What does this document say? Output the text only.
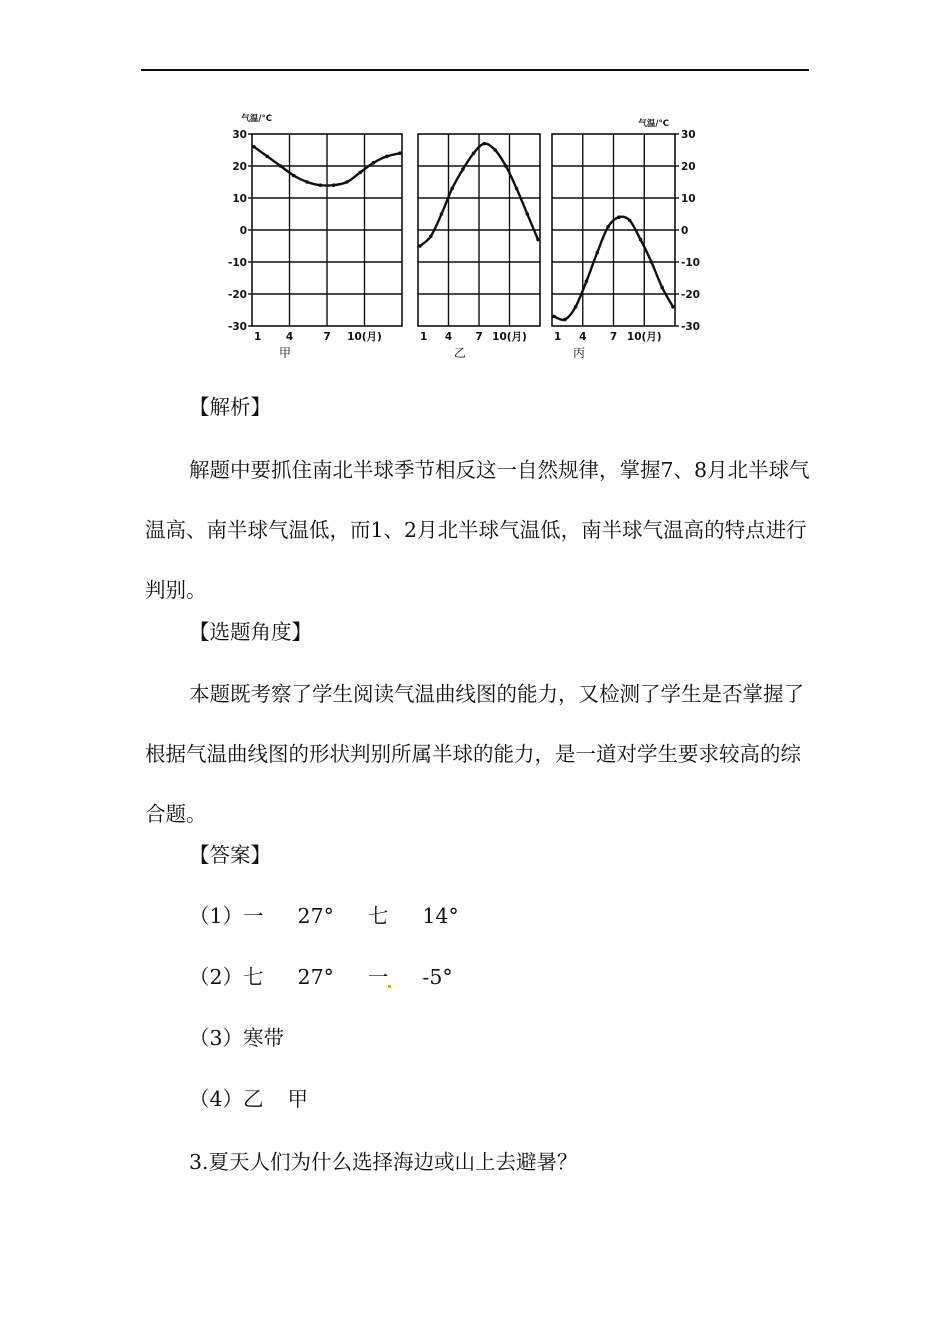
1 4	7 10(月)
甲
1 4 7 10(月)
乙
1 4 7 10(月)
丙
气温/°C
30
20
10
0
-10
-20
-30
气温/°C
30
20
10
0
-10
-20
-30
【解析】
解题中要抓住南北半球季节相反这一自然规律，掌握7、8月北半球气温高、南半球气温低，而1、2月北半球气温低，南半球气温高的特点进行判别。
【选题角度】
本题既考察了学生阅读气温曲线图的能力，又检测了学生是否掌握了根据气温曲线图的形状判别所属半球的能力，是一道对学生要求较高的综合题。
【答案】
（1）一 27° 七 14°
（2）七 27° 一 -5°
（3）寒带
（4）乙 甲
3.夏天人们为什么选择海边或山上去避暑？
